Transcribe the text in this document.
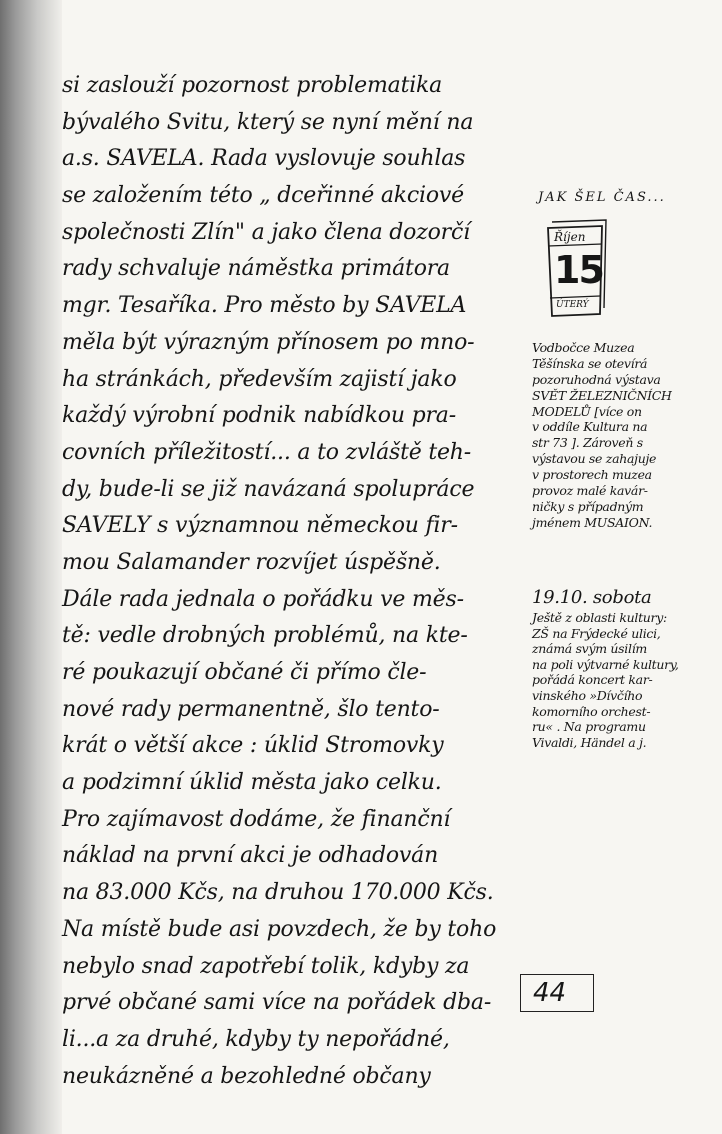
si zaslouží pozornost problematika
bývalého Svitu, který se nyní mění na
a.s. SAVELA. Rada vyslovuje souhlas
se založením této „ dceřinné akciové
společnosti Zlín" a jako člena dozorčí
rady schvaluje náměstka primátora
mgr. Tesaříka. Pro město by SAVELA
měla být výrazným přínosem po mno-
ha stránkách, především zajistí jako
každý výrobní podnik nabídkou pra-
covních příležitostí... a to zvláště teh-
dy, bude-li se již navázaná spolupráce
SAVELY s významnou německou fir-
mou Salamander rozvíjet úspěšně.
Dále rada jednala o pořádku ve měs-
tě: vedle drobných problémů, na kte-
ré poukazují občané či přímo čle-
nové rady permanentně, šlo tento-
krát o větší akce : úklid Stromovky
a podzimní úklid města jako celku.
Pro zajímavost dodáme, že finanční
náklad na první akci je odhadován
na 83.000 Kčs, na druhou 170.000 Kčs.
Na místě bude asi povzdech, že by toho
nebylo snad zapotřebí tolik, kdyby za
prvé občané sami více na pořádek dba-
li...a za druhé, kdyby ty nepořádné,
neukázněné a bezohledné občany
JAK ŠEL ČAS...
Říjen
15
ÚTERÝ
Vodbočce Muzea
Těšínska se otevírá
pozoruhodná výstava
SVĚT ŽELEZNIČNÍCH
MODELŮ [více on
v oddíle Kultura na
str 73 ]. Zároveň s
výstavou se zahajuje
v prostorech muzea
provoz malé kavár-
ničky s případným
jménem MUSAION.
19.10. sobota
Ještě z oblasti kultury:
ZŠ na Frýdecké ulici,
známá svým úsilím
na poli výtvarné kultury,
pořádá koncert kar-
vinského »Dívčího
komorního orchest-
ru« . Na programu
Vivaldi, Händel a j.
44
